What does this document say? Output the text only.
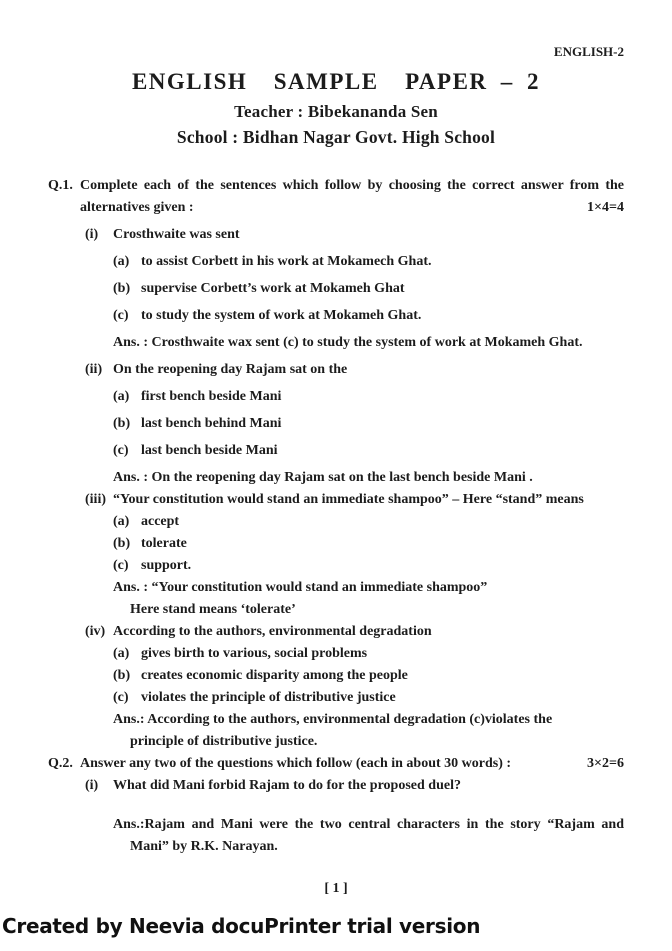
ENGLISH-2
ENGLISH  SAMPLE  PAPER – 2
Teacher : Bibekananda Sen
School : Bidhan Nagar Govt. High School
Q.1. Complete each of the sentences which follow by choosing the correct answer from the
alternatives given :	1×4=4
(i)	Crosthwaite was sent
(a) to assist Corbett in his work at Mokamech Ghat.
(b) supervise Corbett’s work at Mokameh Ghat
(c) to study the system of work at Mokameh Ghat.
Ans. : Crosthwaite wax sent (c) to study the system of work at Mokameh Ghat.
(ii) On the reopening day Rajam sat on the
(a) first bench beside Mani
(b) last bench behind Mani
(c) last bench beside Mani
Ans. : On the reopening day Rajam sat on the last bench beside Mani .
(iii) “Your constitution would stand an immediate shampoo” – Here “stand” means
(a) accept
(b) tolerate
(c) support.
Ans. : “Your constitution would stand an immediate shampoo”
Here stand means ‘tolerate’
(iv) According to the authors, environmental degradation
(a) gives birth to various, social problems
(b) creates economic disparity among the people
(c) violates the principle of distributive justice
Ans.: According to the authors, environmental degradation (c)violates the
principle of distributive justice.
Q.2. Answer any two of the questions which follow (each in about 30 words) :	3×2=6
(i)	What did Mani forbid Rajam to do for the proposed duel?
Ans.:Rajam and Mani were the two central characters in the story “Rajam and
Mani” by R.K. Narayan.
[ 1 ]
Created by Neevia docuPrinter trial version
